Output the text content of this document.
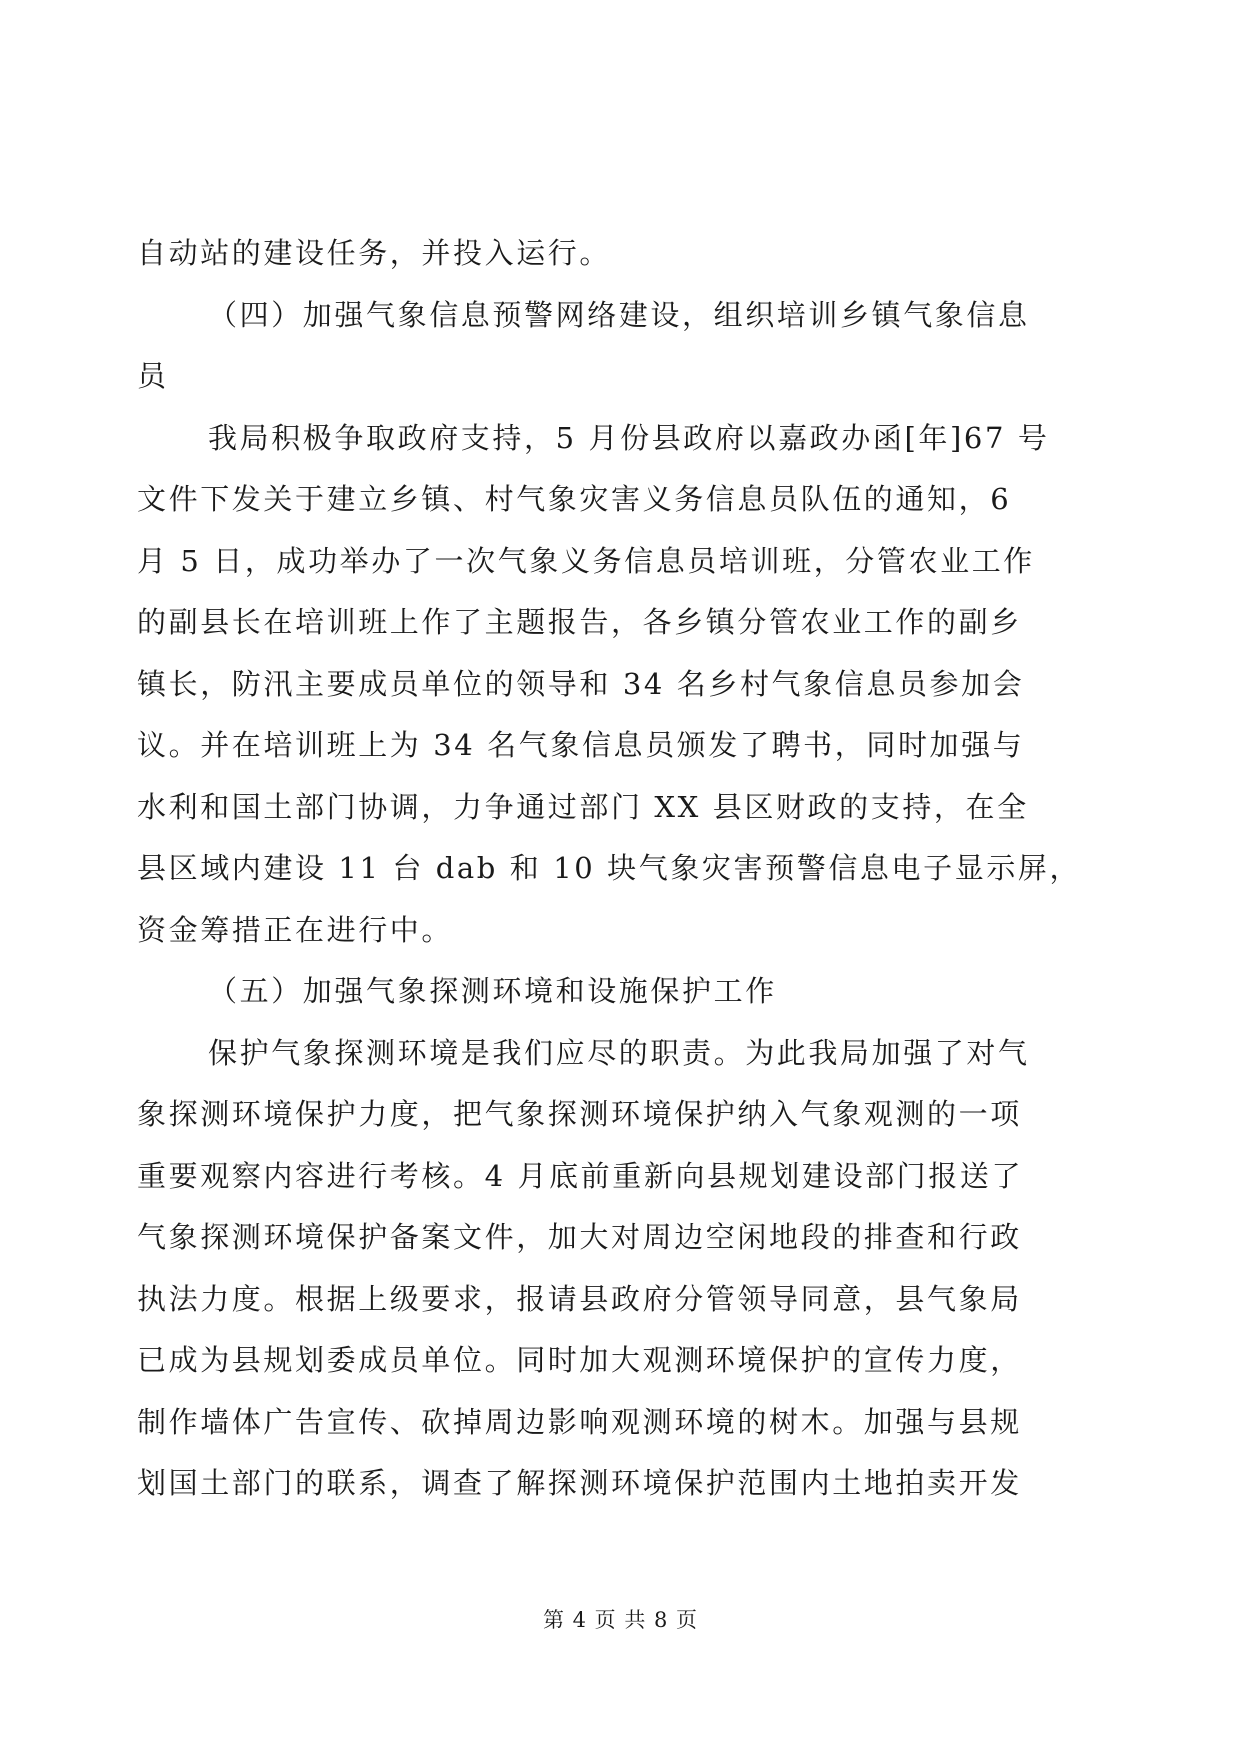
自动站的建设任务，并投入运行。
（四）加强气象信息预警网络建设，组织培训乡镇气象信息
员
我局积极争取政府支持，5 月份县政府以嘉政办函[年]67 号
文件下发关于建立乡镇、村气象灾害义务信息员队伍的通知，6
月 5 日，成功举办了一次气象义务信息员培训班，分管农业工作
的副县长在培训班上作了主题报告，各乡镇分管农业工作的副乡
镇长，防汛主要成员单位的领导和 34 名乡村气象信息员参加会
议。并在培训班上为 34 名气象信息员颁发了聘书，同时加强与
水利和国土部门协调，力争通过部门 XX 县区财政的支持，在全
县区域内建设 11 台 dab 和 10 块气象灾害预警信息电子显示屏，
资金筹措正在进行中。
（五）加强气象探测环境和设施保护工作
保护气象探测环境是我们应尽的职责。为此我局加强了对气
象探测环境保护力度，把气象探测环境保护纳入气象观测的一项
重要观察内容进行考核。4 月底前重新向县规划建设部门报送了
气象探测环境保护备案文件，加大对周边空闲地段的排查和行政
执法力度。根据上级要求，报请县政府分管领导同意，县气象局
已成为县规划委成员单位。同时加大观测环境保护的宣传力度，
制作墙体广告宣传、砍掉周边影响观测环境的树木。加强与县规
划国土部门的联系，调查了解探测环境保护范围内土地拍卖开发
第 4 页 共 8 页
